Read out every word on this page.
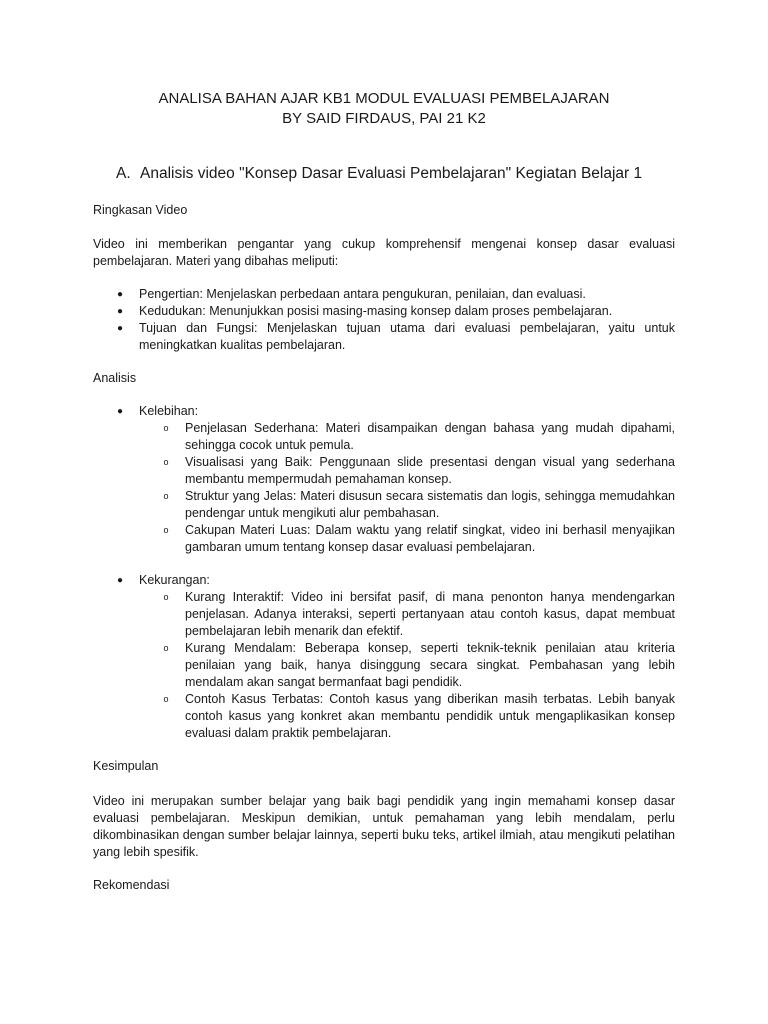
ANALISA BAHAN AJAR KB1 MODUL EVALUASI PEMBELAJARAN
BY SAID FIRDAUS, PAI 21 K2
A. Analisis video "Konsep Dasar Evaluasi Pembelajaran" Kegiatan Belajar 1
Ringkasan Video

Video ini memberikan pengantar yang cukup komprehensif mengenai konsep dasar evaluasi pembelajaran. Materi yang dibahas meliputi:

● Pengertian: Menjelaskan perbedaan antara pengukuran, penilaian, dan evaluasi.
● Kedudukan: Menunjukkan posisi masing-masing konsep dalam proses pembelajaran.
● Tujuan dan Fungsi: Menjelaskan tujuan utama dari evaluasi pembelajaran, yaitu untuk meningkatkan kualitas pembelajaran.
Analisis
● Kelebihan:
o Penjelasan Sederhana: Materi disampaikan dengan bahasa yang mudah dipahami, sehingga cocok untuk pemula.
o Visualisasi yang Baik: Penggunaan slide presentasi dengan visual yang sederhana membantu mempermudah pemahaman konsep.
o Struktur yang Jelas: Materi disusun secara sistematis dan logis, sehingga memudahkan pendengar untuk mengikuti alur pembahasan.
o Cakupan Materi Luas: Dalam waktu yang relatif singkat, video ini berhasil menyajikan gambaran umum tentang konsep dasar evaluasi pembelajaran.
● Kekurangan:
o Kurang Interaktif: Video ini bersifat pasif, di mana penonton hanya mendengarkan penjelasan. Adanya interaksi, seperti pertanyaan atau contoh kasus, dapat membuat pembelajaran lebih menarik dan efektif.
o Kurang Mendalam: Beberapa konsep, seperti teknik-teknik penilaian atau kriteria penilaian yang baik, hanya disinggung secara singkat. Pembahasan yang lebih mendalam akan sangat bermanfaat bagi pendidik.
o Contoh Kasus Terbatas: Contoh kasus yang diberikan masih terbatas. Lebih banyak contoh kasus yang konkret akan membantu pendidik untuk mengaplikasikan konsep evaluasi dalam praktik pembelajaran.
Kesimpulan

Video ini merupakan sumber belajar yang baik bagi pendidik yang ingin memahami konsep dasar evaluasi pembelajaran. Meskipun demikian, untuk pemahaman yang lebih mendalam, perlu dikombinasikan dengan sumber belajar lainnya, seperti buku teks, artikel ilmiah, atau mengikuti pelatihan yang lebih spesifik.

Rekomendasi
